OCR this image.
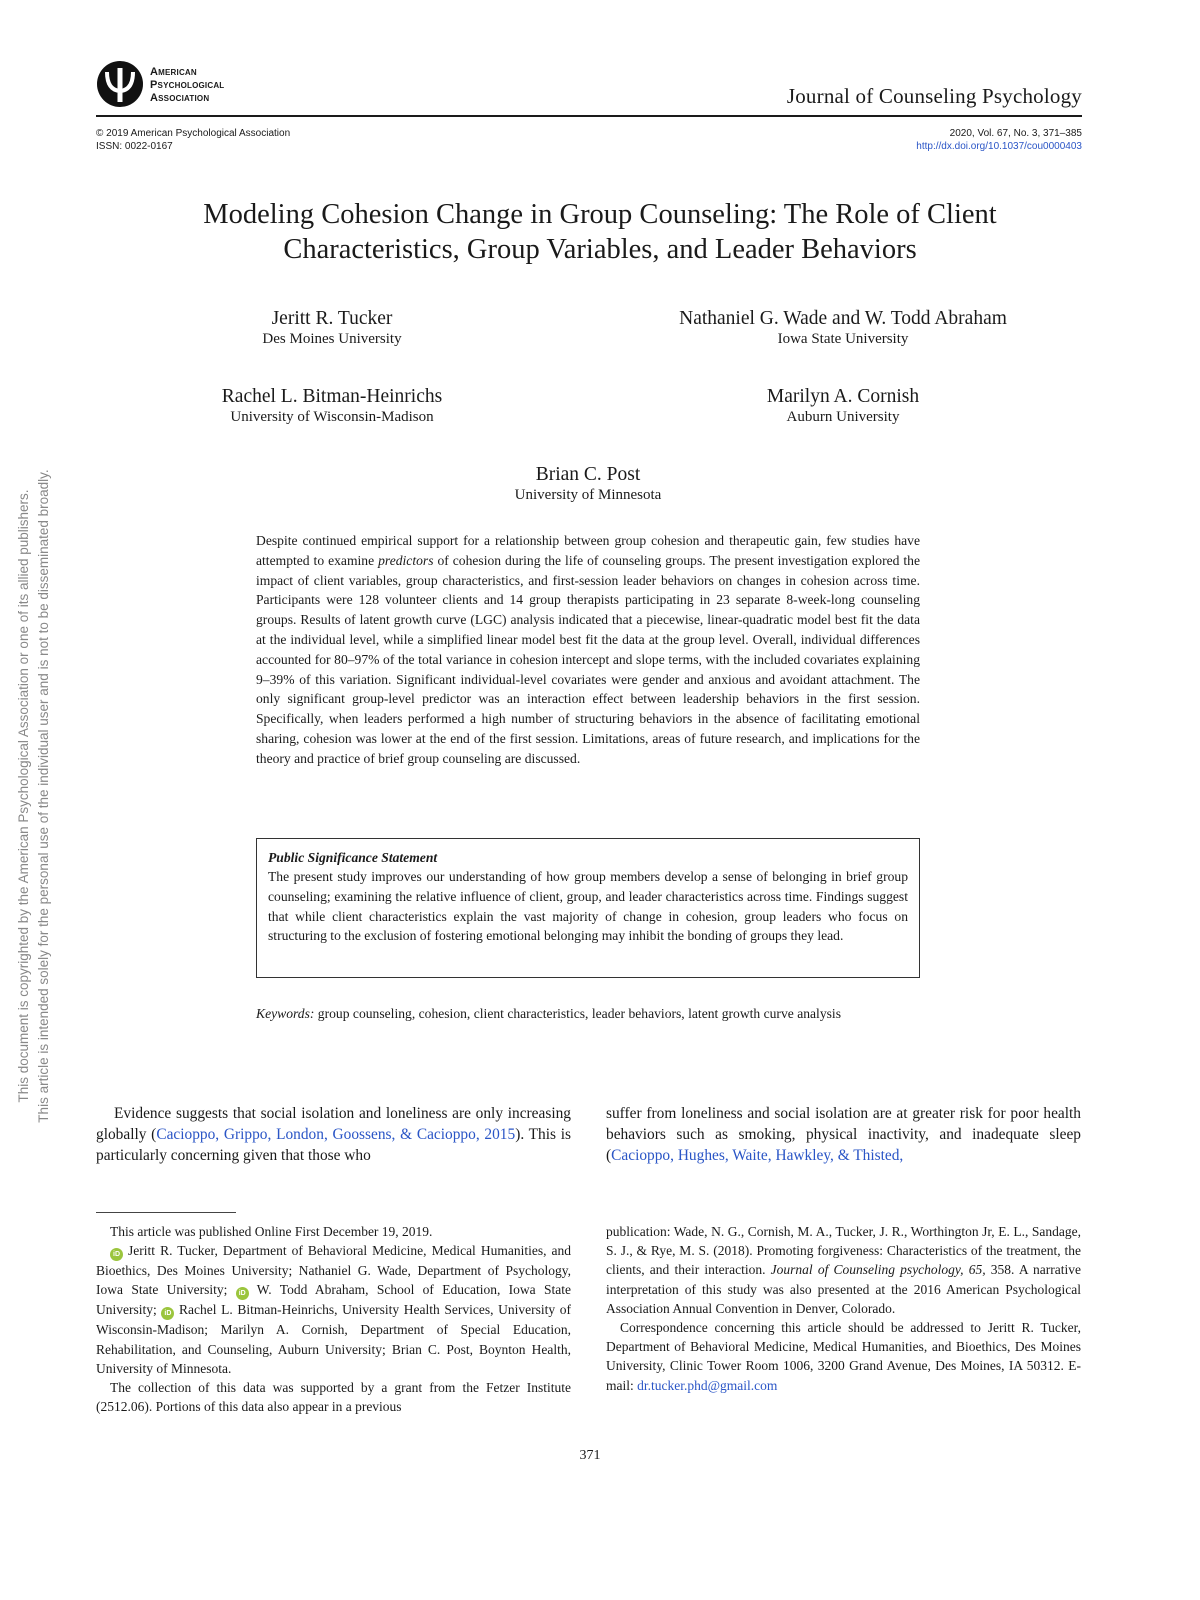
American
Psychological
Association	Journal of Counseling Psychology
© 2019 American Psychological Association
ISSN: 0022-0167
2020, Vol. 67, No. 3, 371–385
http://dx.doi.org/10.1037/cou0000403
Modeling Cohesion Change in Group Counseling: The Role of Client
Characteristics, Group Variables, and Leader Behaviors
Jeritt R. Tucker
Des Moines University
Nathaniel G. Wade and W. Todd Abraham
Iowa State University
Rachel L. Bitman-Heinrichs
University of Wisconsin-Madison
Marilyn A. Cornish
Auburn University
Brian C. Post
University of Minnesota

Despite continued empirical support for a relationship between group cohesion and therapeutic gain, few studies have attempted to examine predictors of cohesion during the life of counseling groups. The present investigation explored the impact of client variables, group characteristics, and first-session leader behaviors on changes in cohesion across time. Participants were 128 volunteer clients and 14 group therapists participating in 23 separate 8-week-long counseling groups. Results of latent growth curve (LGC) analysis indicated that a piecewise, linear-quadratic model best fit the data at the individual level, while a simplified linear model best fit the data at the group level. Overall, individual differences accounted for 80–97% of the total variance in cohesion intercept and slope terms, with the included covariates explaining 9–39% of this variation. Significant individual-level covariates were gender and anxious and avoidant attachment. The only significant group-level predictor was an interaction effect between leadership behaviors in the first session. Specifically, when leaders performed a high number of structuring behaviors in the absence of facilitating emotional sharing, cohesion was lower at the end of the first session. Limitations, areas of future research, and implications for the theory and practice of brief group counseling are discussed.

Public Significance Statement

The present study improves our understanding of how group members develop a sense of belonging in brief group counseling; examining the relative influence of client, group, and leader characteristics across time. Findings suggest that while client characteristics explain the vast majority of change in cohesion, group leaders who focus on structuring to the exclusion of fostering emotional belonging may inhibit the bonding of groups they lead.

Keywords: group counseling, cohesion, client characteristics, leader behaviors, latent growth curve analysis

Evidence suggests that social isolation and loneliness are only increasing globally (Cacioppo, Grippo, London, Goossens, & Cacioppo, 2015). This is particularly concerning given that those who

suffer from loneliness and social isolation are at greater risk for poor health behaviors such as smoking, physical inactivity, and inadequate sleep (Cacioppo, Hughes, Waite, Hawkley, & Thisted,

This article was published Online First December 19, 2019.

iD Jeritt R. Tucker, Department of Behavioral Medicine, Medical Humanities, and Bioethics, Des Moines University; Nathaniel G. Wade, Department of Psychology, Iowa State University; iD W. Todd Abraham, School of Education, Iowa State University; iD Rachel L. Bitman-Heinrichs, University Health Services, University of Wisconsin-Madison; Marilyn A. Cornish, Department of Special Education, Rehabilitation, and Counseling, Auburn University; Brian C. Post, Boynton Health, University of Minnesota.

The collection of this data was supported by a grant from the Fetzer Institute (2512.06). Portions of this data also appear in a previous

publication: Wade, N. G., Cornish, M. A., Tucker, J. R., Worthington Jr, E. L., Sandage, S. J., & Rye, M. S. (2018). Promoting forgiveness: Characteristics of the treatment, the clients, and their interaction. Journal of Counseling psychology, 65, 358. A narrative interpretation of this study was also presented at the 2016 American Psychological Association Annual Convention in Denver, Colorado.

Correspondence concerning this article should be addressed to Jeritt R. Tucker, Department of Behavioral Medicine, Medical Humanities, and Bioethics, Des Moines University, Clinic Tower Room 1006, 3200 Grand Avenue, Des Moines, IA 50312. E-mail: dr.tucker.phd@gmail.com

371
This document is copyrighted by the American Psychological Association or one of its allied publishers. This article is intended solely for the personal use of the individual user and is not to be disseminated broadly.
